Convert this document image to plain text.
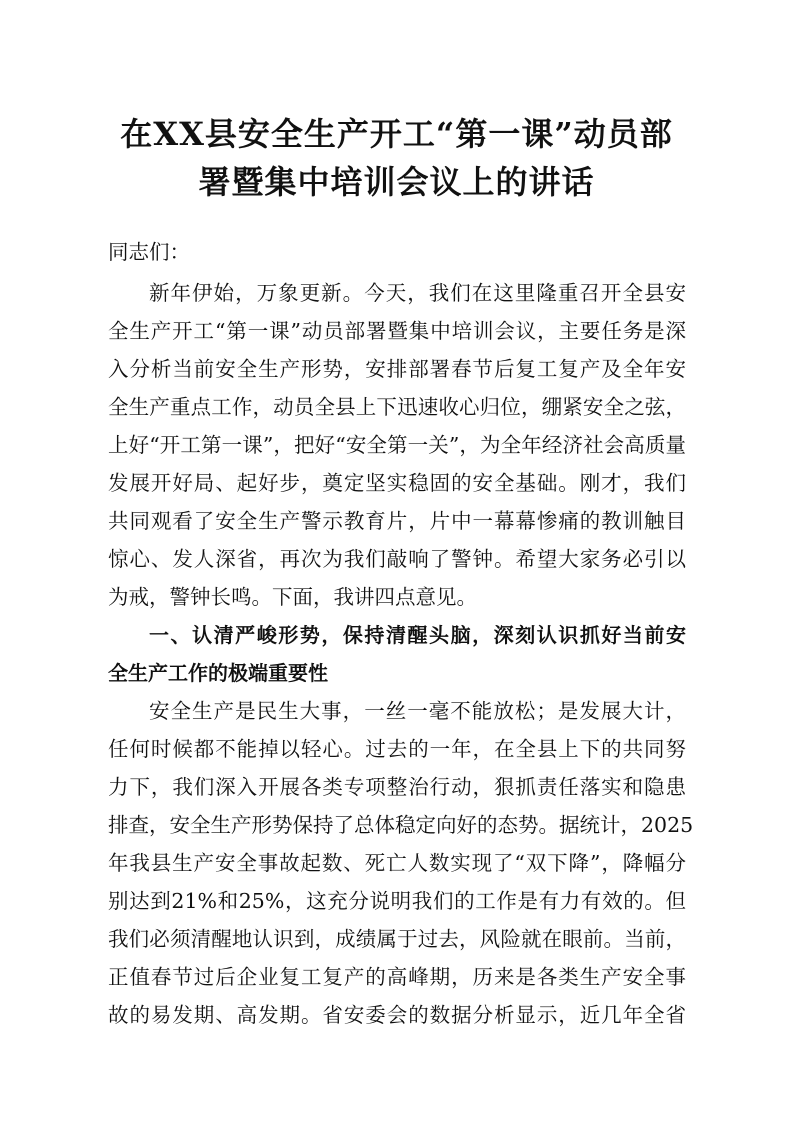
在XX县安全生产开工“第一课”动员部
署暨集中培训会议上的讲话
同志们：
新年伊始，万象更新。今天，我们在这里隆重召开全县安
全生产开工“第一课”动员部署暨集中培训会议，主要任务是深
入分析当前安全生产形势，安排部署春节后复工复产及全年安
全生产重点工作，动员全县上下迅速收心归位，绷紧安全之弦，
上好“开工第一课”，把好“安全第一关”，为全年经济社会高质量
发展开好局、起好步，奠定坚实稳固的安全基础。刚才，我们
共同观看了安全生产警示教育片，片中一幕幕惨痛的教训触目
惊心、发人深省，再次为我们敲响了警钟。希望大家务必引以
为戒，警钟长鸣。下面，我讲四点意见。
一、认清严峻形势，保持清醒头脑，深刻认识抓好当前安
全生产工作的极端重要性
安全生产是民生大事，一丝一毫不能放松；是发展大计，
任何时候都不能掉以轻心。过去的一年，在全县上下的共同努
力下，我们深入开展各类专项整治行动，狠抓责任落实和隐患
排查，安全生产形势保持了总体稳定向好的态势。据统计，2025
年我县生产安全事故起数、死亡人数实现了“双下降”，降幅分
别达到21%和25%，这充分说明我们的工作是有力有效的。但
我们必须清醒地认识到，成绩属于过去，风险就在眼前。当前，
正值春节过后企业复工复产的高峰期，历来是各类生产安全事
故的易发期、高发期。省安委会的数据分析显示，近几年全省
